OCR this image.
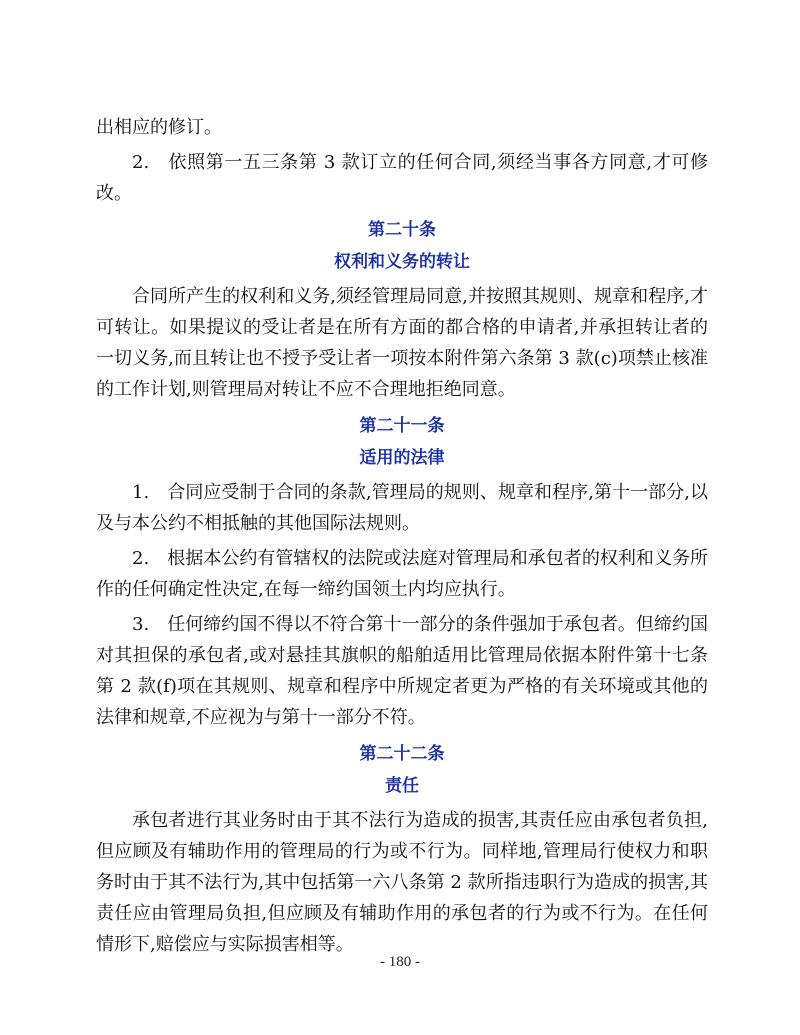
出相应的修订。

2.　依照第一五三条第 3 款订立的任何合同,须经当事各方同意,才可修改。

第二十条
权利和义务的转让

合同所产生的权利和义务,须经管理局同意,并按照其规则、规章和程序,才可转让。如果提议的受让者是在所有方面的都合格的申请者,并承担转让者的一切义务,而且转让也不授予受让者一项按本附件第六条第 3 款(c)项禁止核准的工作计划,则管理局对转让不应不合理地拒绝同意。

第二十一条
适用的法律

1.　合同应受制于合同的条款,管理局的规则、规章和程序,第十一部分,以及与本公约不相抵触的其他国际法规则。

2.　根据本公约有管辖权的法院或法庭对管理局和承包者的权利和义务所作的任何确定性决定,在每一缔约国领土内均应执行。

3.　任何缔约国不得以不符合第十一部分的条件强加于承包者。但缔约国对其担保的承包者,或对悬挂其旗帜的船舶适用比管理局依据本附件第十七条第 2 款(f)项在其规则、规章和程序中所规定者更为严格的有关环境或其他的法律和规章,不应视为与第十一部分不符。

第二十二条
责任

承包者进行其业务时由于其不法行为造成的损害,其责任应由承包者负担,但应顾及有辅助作用的管理局的行为或不行为。同样地,管理局行使权力和职务时由于其不法行为,其中包括第一六八条第 2 款所指违职行为造成的损害,其责任应由管理局负担,但应顾及有辅助作用的承包者的行为或不行为。在任何情形下,赔偿应与实际损害相等。

- 180 -
